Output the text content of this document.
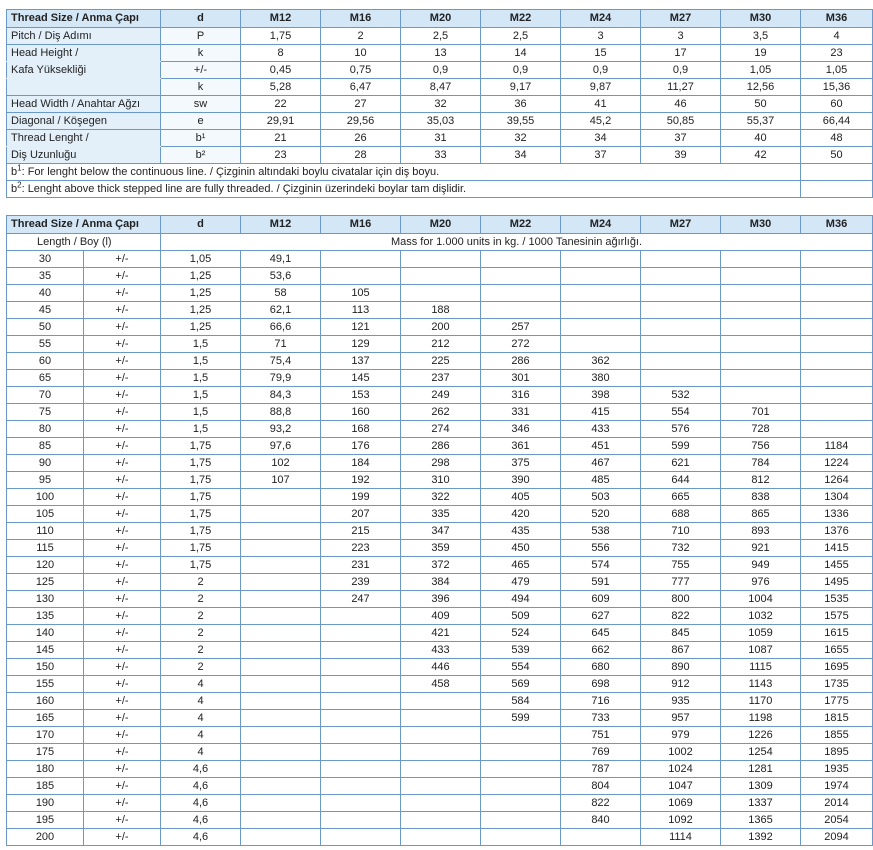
Thread Size / Anma Çapı	d	M12	M16	M20	M22	M24	M27	M30	M36
Pitch / Diş Adımı	P	1,75	2	2,5	2,5	3	3	3,5	4
Head Height /	k	8	10	13	14	15	17	19	23
Kafa Yüksekliği	+/-	0,45	0,75	0,9	0,9	0,9	0,9	1,05	1,05
	k	5,28	6,47	8,47	9,17	9,87	11,27	12,56	15,36
Head Width / Anahtar Ağzı	sw	22	27	32	36	41	46	50	60
Diagonal / Köşegen	e	29,91	29,56	35,03	39,55	45,2	50,85	55,37	66,44
Thread Lenght /	b¹	21	26	31	32	34	37	40	48
Diş Uzunluğu	b²	23	28	33	34	37	39	42	50
$b^1$: For lenght below the continuous line. / Çizginin altındaki boylu civatalar için diş boyu.									
$b^2$: Lenght above thick stepped line are fully threaded. / Çizginin üzerindeki boylar tam dişlidir.									
Thread Size / Anma Çapı		d	M12	M16	M20	M22	M24	M27	M30	M36
Length / Boy (l)		Mass for 1.000 units in kg. / 1000 Tanesinin ağırlığı.								
30	+/-	1,05	49,1							
35	+/-	1,25	53,6							
40	+/-	1,25	58	105						
45	+/-	1,25	62,1	113	188					
50	+/-	1,25	66,6	121	200	257				
55	+/-	1,5	71	129	212	272				
60	+/-	1,5	75,4	137	225	286	362			
65	+/-	1,5	79,9	145	237	301	380			
70	+/-	1,5	84,3	153	249	316	398	532		
75	+/-	1,5	88,8	160	262	331	415	554	701	
80	+/-	1,5	93,2	168	274	346	433	576	728	
85	+/-	1,75	97,6	176	286	361	451	599	756	1184
90	+/-	1,75	102	184	298	375	467	621	784	1224
95	+/-	1,75	107	192	310	390	485	644	812	1264
100	+/-	1,75		199	322	405	503	665	838	1304
105	+/-	1,75		207	335	420	520	688	865	1336
110	+/-	1,75		215	347	435	538	710	893	1376
115	+/-	1,75		223	359	450	556	732	921	1415
120	+/-	1,75		231	372	465	574	755	949	1455
125	+/-	2		239	384	479	591	777	976	1495
130	+/-	2		247	396	494	609	800	1004	1535
135	+/-	2			409	509	627	822	1032	1575
140	+/-	2			421	524	645	845	1059	1615
145	+/-	2			433	539	662	867	1087	1655
150	+/-	2			446	554	680	890	1115	1695
155	+/-	4			458	569	698	912	1143	1735
160	+/-	4				584	716	935	1170	1775
165	+/-	4				599	733	957	1198	1815
170	+/-	4					751	979	1226	1855
175	+/-	4					769	1002	1254	1895
180	+/-	4,6					787	1024	1281	1935
185	+/-	4,6					804	1047	1309	1974
190	+/-	4,6					822	1069	1337	2014
195	+/-	4,6					840	1092	1365	2054
200	+/-	4,6						1114	1392	2094
